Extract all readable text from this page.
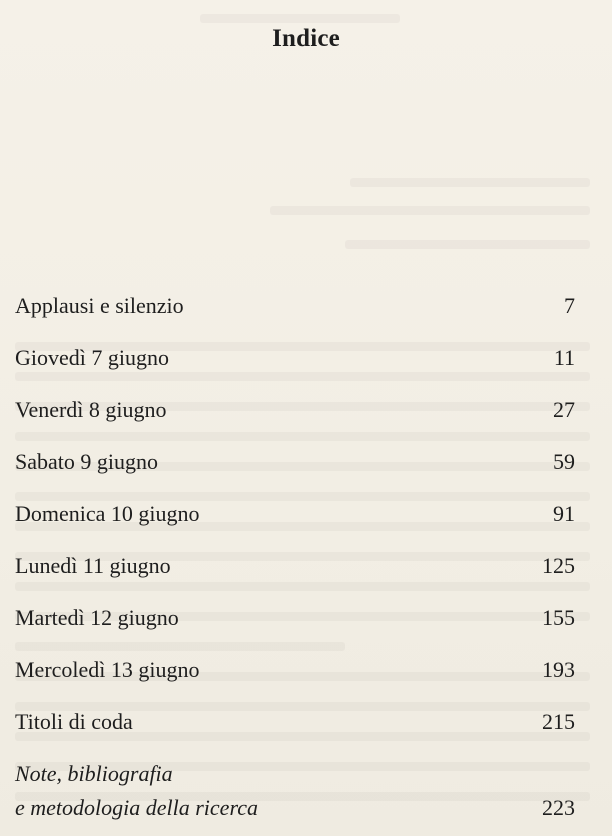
Indice
Applausi e silenzio	7
Giovedì 7 giugno	11
Venerdì 8 giugno	27
Sabato 9 giugno	59
Domenica 10 giugno	91
Lunedì 11 giugno	125
Martedì 12 giugno	155
Mercoledì 13 giugno	193
Titoli di coda	215
Note, bibliografia
e metodologia della ricerca	223
